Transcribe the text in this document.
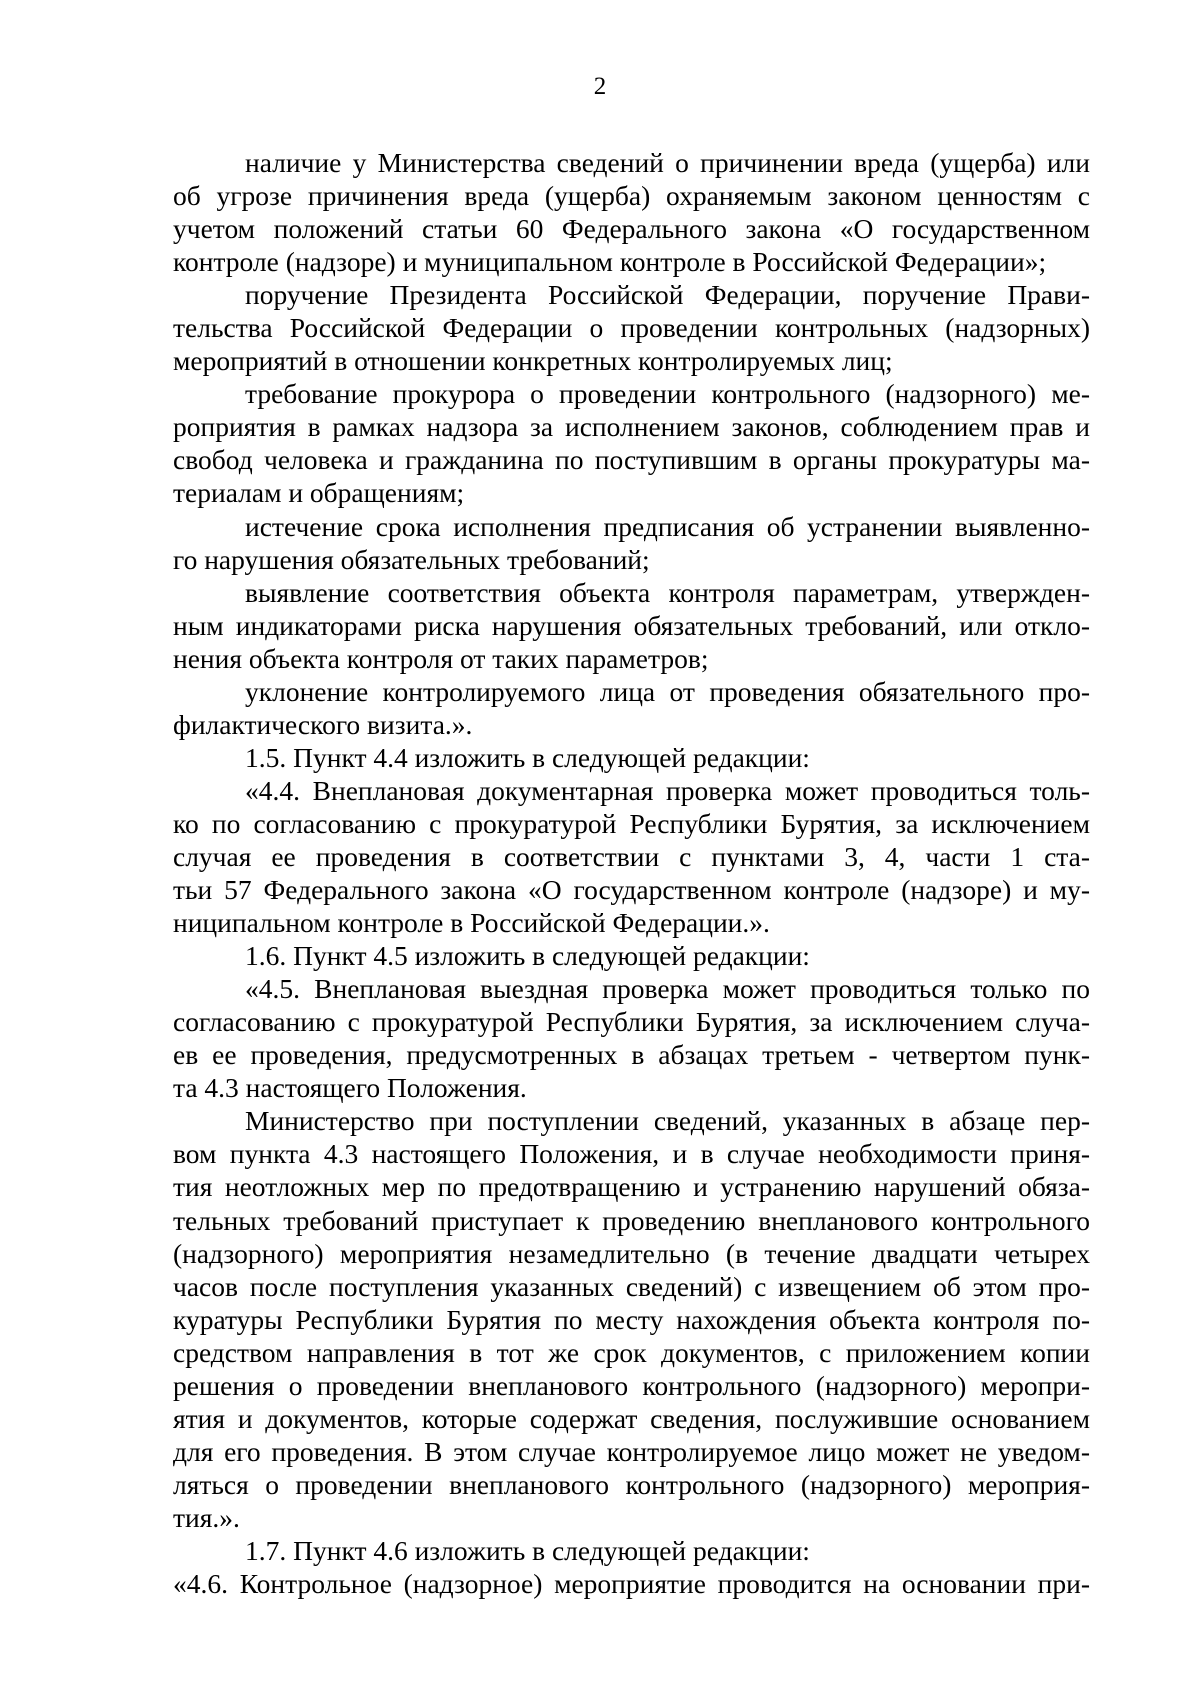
2
наличие у Министерства сведений о причинении вреда (ущерба) или
об угрозе причинения вреда (ущерба) охраняемым законом ценностям с
учетом положений статьи 60 Федерального закона «О государственном
контроле (надзоре) и муниципальном контроле в Российской Федерации»;
поручение Президента Российской Федерации, поручение Прави-
тельства Российской Федерации о проведении контрольных (надзорных)
мероприятий в отношении конкретных контролируемых лиц;
требование прокурора о проведении контрольного (надзорного) ме-
роприятия в рамках надзора за исполнением законов, соблюдением прав и
свобод человека и гражданина по поступившим в органы прокуратуры ма-
териалам и обращениям;
истечение срока исполнения предписания об устранении выявленно-
го нарушения обязательных требований;
выявление соответствия объекта контроля параметрам, утвержден-
ным индикаторами риска нарушения обязательных требований, или откло-
нения объекта контроля от таких параметров;
уклонение контролируемого лица от проведения обязательного про-
филактического визита.».
1.5. Пункт 4.4 изложить в следующей редакции:
«4.4. Внеплановая документарная проверка может проводиться толь-
ко по согласованию с прокуратурой Республики Бурятия, за исключением
случая ее проведения в соответствии с пунктами 3, 4, части 1 ста-
тьи 57 Федерального закона «О государственном контроле (надзоре) и му-
ниципальном контроле в Российской Федерации.».
1.6. Пункт 4.5 изложить в следующей редакции:
«4.5. Внеплановая выездная проверка может проводиться только по
согласованию с прокуратурой Республики Бурятия, за исключением случа-
ев ее проведения, предусмотренных в абзацах третьем - четвертом пунк-
та 4.3 настоящего Положения.
Министерство при поступлении сведений, указанных в абзаце пер-
вом пункта 4.3 настоящего Положения, и в случае необходимости приня-
тия неотложных мер по предотвращению и устранению нарушений обяза-
тельных требований приступает к проведению внепланового контрольного
(надзорного) мероприятия незамедлительно (в течение двадцати четырех
часов после поступления указанных сведений) с извещением об этом про-
куратуры Республики Бурятия по месту нахождения объекта контроля по-
средством направления в тот же срок документов, с приложением копии
решения о проведении внепланового контрольного (надзорного) меропри-
ятия и документов, которые содержат сведения, послужившие основанием
для его проведения. В этом случае контролируемое лицо может не уведом-
ляться о проведении внепланового контрольного (надзорного) мероприя-
тия.».
1.7. Пункт 4.6 изложить в следующей редакции:
«4.6. Контрольное (надзорное) мероприятие проводится на основании при-
